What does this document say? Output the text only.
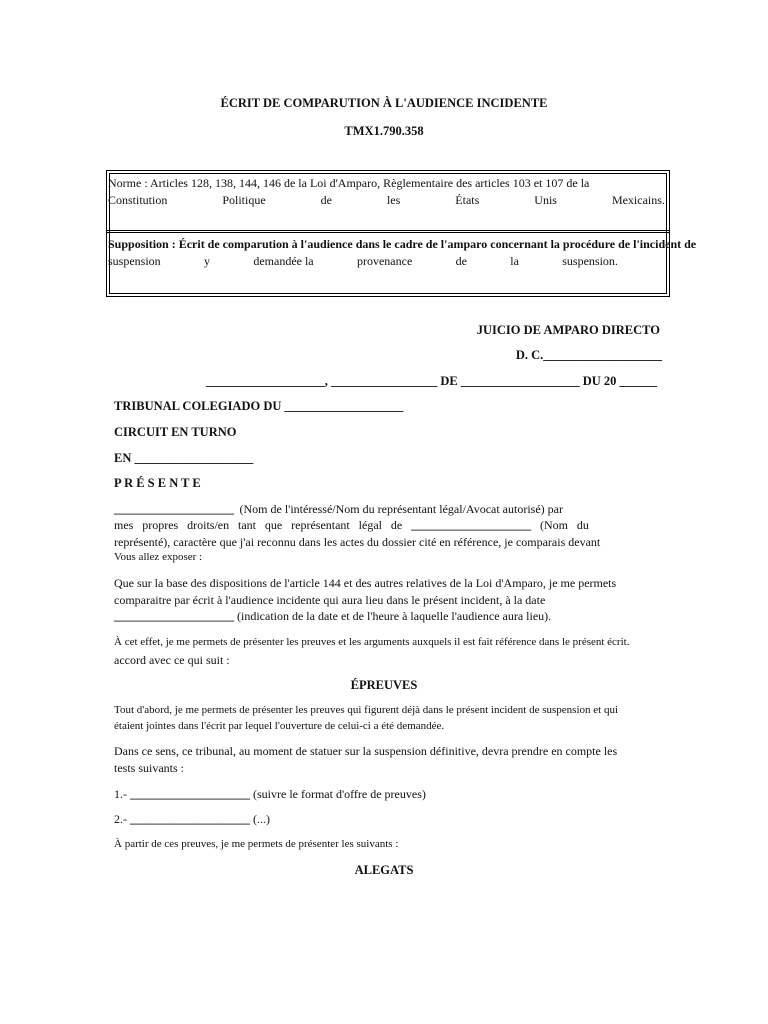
ÉCRIT DE COMPARUTION À L'AUDIENCE INCIDENTE
TMX1.790.358
Norme : Articles 128, 138, 144, 146 de la Loi d'Amparo, Règlementaire des articles 103 et 107 de la
Constitution	Politique	de	les	États	Unis	Mexicains.
Supposition : Écrit de comparution à l'audience dans le cadre de l'amparo concernant la procédure de l'incident de
suspension	y	demandée la	provenance	de	la	suspension.
JUICIO DE AMPARO DIRECTO
D. C.___________________
___________________, _________________ DE ___________________ DU 20 ______
TRIBUNAL COLEGIADO DU ___________________
CIRCUIT EN TURNO
EN ___________________
P R É S E N T E
____________________ (Nom de l'intéressé/Nom du représentant légal/Avocat autorisé) par
mes propres droits/en tant que représentant légal de ____________________ (Nom du
représenté), caractère que j'ai reconnu dans les actes du dossier cité en référence, je comparais devant
Vous allez exposer :
Que sur la base des dispositions de l'article 144 et des autres relatives de la Loi d'Amparo, je me permets
comparaitre par écrit à l'audience incidente qui aura lieu dans le présent incident, à la date
____________________ (indication de la date et de l'heure à laquelle l'audience aura lieu).
À cet effet, je me permets de présenter les preuves et les arguments auxquels il est fait référence dans le présent écrit.
accord avec ce qui suit :
ÉPREUVES
Tout d'abord, je me permets de présenter les preuves qui figurent déjà dans le présent incident de suspension et qui
étaient jointes dans l'écrit par lequel l'ouverture de celui-ci a été demandée.
Dans ce sens, ce tribunal, au moment de statuer sur la suspension définitive, devra prendre en compte les
tests suivants :
1.- ____________________ (suivre le format d'offre de preuves)
2.- ____________________ (...)
À partir de ces preuves, je me permets de présenter les suivants :
ALEGATS
